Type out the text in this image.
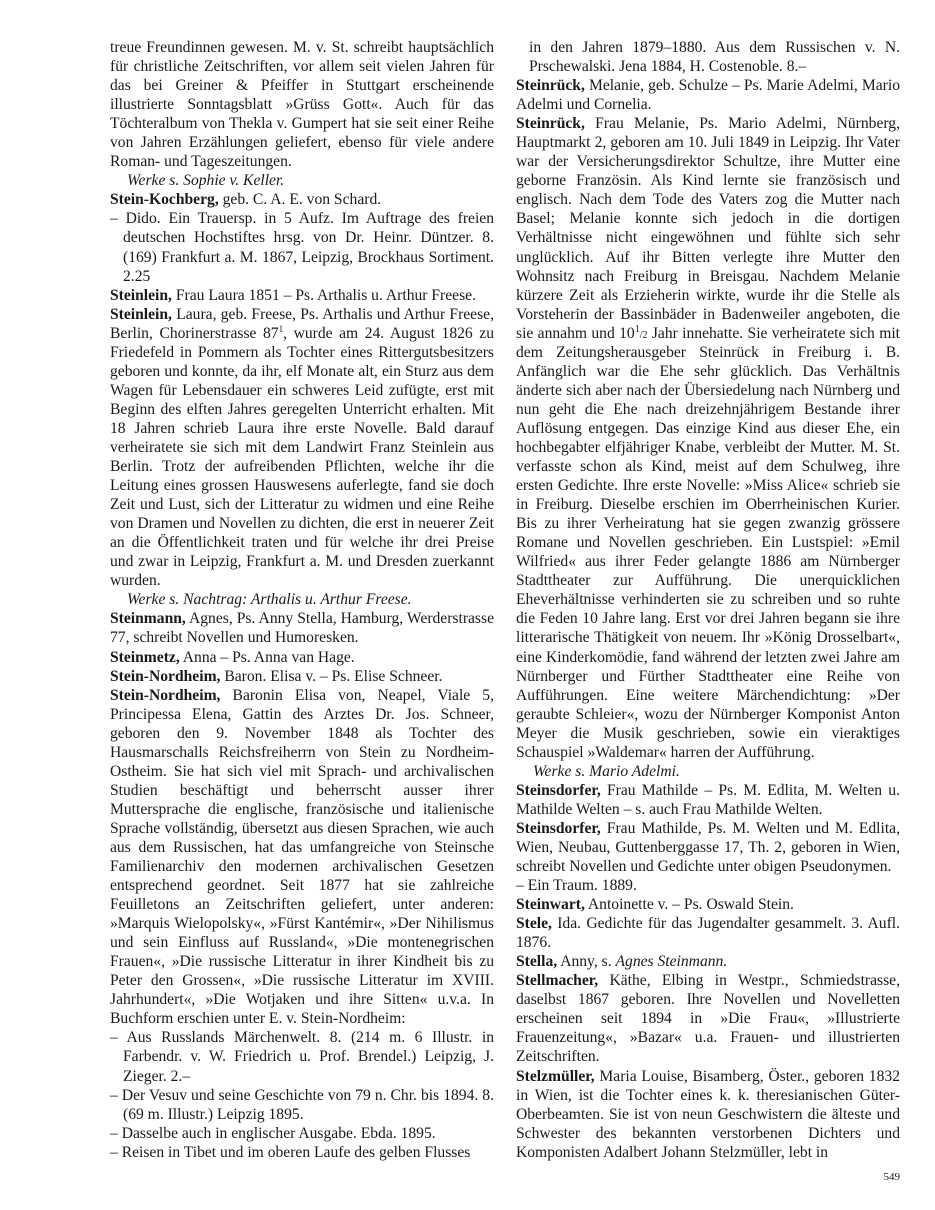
treue Freundinnen gewesen. M. v. St. schreibt hauptsächlich für christliche Zeitschriften, vor allem seit vielen Jahren für das bei Greiner & Pfeiffer in Stuttgart erscheinende illustrierte Sonntagsblatt »Grüss Gott«. Auch für das Töchteralbum von Thekla v. Gumpert hat sie seit einer Reihe von Jahren Erzählungen geliefert, ebenso für viele andere Roman- und Tageszeitungen.

Werke s. Sophie v. Keller.

Stein-Kochberg, geb. C. A. E. von Schard.

– Dido. Ein Trauersp. in 5 Aufz. Im Auftrage des freien deutschen Hochstiftes hrsg. von Dr. Heinr. Düntzer. 8. (169) Frankfurt a. M. 1867, Leipzig, Brockhaus Sortiment. 2.25

Steinlein, Frau Laura 1851 – Ps. Arthalis u. Arthur Freese.

Steinlein, Laura, geb. Freese, Ps. Arthalis und Arthur Freese, Berlin, Chorinerstrasse $87^1$, wurde am 24. August 1826 zu Friedefeld in Pommern als Tochter eines Rittergutsbesitzers geboren und konnte, da ihr, elf Monate alt, ein Sturz aus dem Wagen für Lebensdauer ein schweres Leid zufügte, erst mit Beginn des elften Jahres geregelten Unterricht erhalten. Mit 18 Jahren schrieb Laura ihre erste Novelle. Bald darauf verheiratete sie sich mit dem Landwirt Franz Steinlein aus Berlin. Trotz der aufreibenden Pflichten, welche ihr die Leitung eines grossen Hauswesens auferlegte, fand sie doch Zeit und Lust, sich der Litteratur zu widmen und eine Reihe von Dramen und Novellen zu dichten, die erst in neuerer Zeit an die Öffentlichkeit traten und für welche ihr drei Preise und zwar in Leipzig, Frankfurt a. M. und Dresden zuerkannt wurden.

Werke s. Nachtrag: Arthalis u. Arthur Freese.

Steinmann, Agnes, Ps. Anny Stella, Hamburg, Werderstrasse 77, schreibt Novellen und Humoresken.

Steinmetz, Anna – Ps. Anna van Hage.

Stein-Nordheim, Baron. Elisa v. – Ps. Elise Schneer.

Stein-Nordheim, Baronin Elisa von, Neapel, Viale 5, Principessa Elena, Gattin des Arztes Dr. Jos. Schneer, geboren den 9. November 1848 als Tochter des Hausmarschalls Reichsfreiherrn von Stein zu Nordheim-Ostheim. Sie hat sich viel mit Sprach- und archivalischen Studien beschäftigt und beherrscht ausser ihrer Muttersprache die englische, französische und italienische Sprache vollständig, übersetzt aus diesen Sprachen, wie auch aus dem Russischen, hat das umfangreiche von Steinsche Familienarchiv den modernen archivalischen Gesetzen entsprechend geordnet. Seit 1877 hat sie zahlreiche Feuilletons an Zeitschriften geliefert, unter anderen: »Marquis Wielopolsky«, »Fürst Kantémir«, »Der Nihilismus und sein Einfluss auf Russland«, »Die montenegrischen Frauen«, »Die russische Litteratur in ihrer Kindheit bis zu Peter den Grossen«, »Die russische Litteratur im XVIII. Jahrhundert«, »Die Wotjaken und ihre Sitten« u.v.a. In Buchform erschien unter E. v. Stein-Nordheim:

– Aus Russlands Märchenwelt. 8. (214 m. 6 Illustr. in Farbendr. v. W. Friedrich u. Prof. Brendel.) Leipzig, J. Zieger. 2.–

– Der Vesuv und seine Geschichte von 79 n. Chr. bis 1894. 8. (69 m. Illustr.) Leipzig 1895.

– Dasselbe auch in englischer Ausgabe. Ebda. 1895.

– Reisen in Tibet und im oberen Laufe des gelben Flusses

in den Jahren 1879–1880. Aus dem Russischen v. N. Prschewalski. Jena 1884, H. Costenoble. 8.–

Steinrück, Melanie, geb. Schulze – Ps. Marie Adelmi, Mario Adelmi und Cornelia.

Steinrück, Frau Melanie, Ps. Mario Adelmi, Nürnberg, Hauptmarkt 2, geboren am 10. Juli 1849 in Leipzig. Ihr Vater war der Versicherungsdirektor Schultze, ihre Mutter eine geborne Französin. Als Kind lernte sie französisch und englisch. Nach dem Tode des Vaters zog die Mutter nach Basel; Melanie konnte sich jedoch in die dortigen Verhältnisse nicht eingewöhnen und fühlte sich sehr unglücklich. Auf ihr Bitten verlegte ihre Mutter den Wohnsitz nach Freiburg in Breisgau. Nachdem Melanie kürzere Zeit als Erzieherin wirkte, wurde ihr die Stelle als Vorsteherin der Bassinbäder in Badenweiler angeboten, die sie annahm und 101/2 Jahr innehatte. Sie verheiratete sich mit dem Zeitungsherausgeber Steinrück in Freiburg i. B. Anfänglich war die Ehe sehr glücklich. Das Verhältnis änderte sich aber nach der Übersiedelung nach Nürnberg und nun geht die Ehe nach dreizehnjährigem Bestande ihrer Auflösung entgegen. Das einzige Kind aus dieser Ehe, ein hochbegabter elfjähriger Knabe, verbleibt der Mutter. M. St. verfasste schon als Kind, meist auf dem Schulweg, ihre ersten Gedichte. Ihre erste Novelle: »Miss Alice« schrieb sie in Freiburg. Dieselbe erschien im Oberrheinischen Kurier. Bis zu ihrer Verheiratung hat sie gegen zwanzig grössere Romane und Novellen geschrieben. Ein Lustspiel: »Emil Wilfried« aus ihrer Feder gelangte 1886 am Nürnberger Stadttheater zur Aufführung. Die unerquicklichen Eheverhältnisse verhinderten sie zu schreiben und so ruhte die Feden 10 Jahre lang. Erst vor drei Jahren begann sie ihre litterarische Thätigkeit von neuem. Ihr »König Drosselbart«, eine Kinderkomödie, fand während der letzten zwei Jahre am Nürnberger und Fürther Stadttheater eine Reihe von Aufführungen. Eine weitere Märchendichtung: »Der geraubte Schleier«, wozu der Nürnberger Komponist Anton Meyer die Musik geschrieben, sowie ein vieraktiges Schauspiel »Waldemar« harren der Aufführung.

Werke s. Mario Adelmi.

Steinsdorfer, Frau Mathilde – Ps. M. Edlita, M. Welten u. Mathilde Welten – s. auch Frau Mathilde Welten.

Steinsdorfer, Frau Mathilde, Ps. M. Welten und M. Edlita, Wien, Neubau, Guttenberggasse 17, Th. 2, geboren in Wien, schreibt Novellen und Gedichte unter obigen Pseudonymen.

– Ein Traum. 1889.

Steinwart, Antoinette v. – Ps. Oswald Stein.

Stele, Ida. Gedichte für das Jugendalter gesammelt. 3. Aufl. 1876.

Stella, Anny, s. Agnes Steinmann.

Stellmacher, Käthe, Elbing in Westpr., Schmiedstrasse, daselbst 1867 geboren. Ihre Novellen und Novelletten erscheinen seit 1894 in »Die Frau«, »Illustrierte Frauenzeitung«, »Bazar« u.a. Frauen- und illustrierten Zeitschriften.

Stelzmüller, Maria Louise, Bisamberg, Öster., geboren 1832 in Wien, ist die Tochter eines k. k. theresianischen Güter-Oberbeamten. Sie ist von neun Geschwistern die älteste und Schwester des bekannten verstorbenen Dichters und Komponisten Adalbert Johann Stelzmüller, lebt in

549
